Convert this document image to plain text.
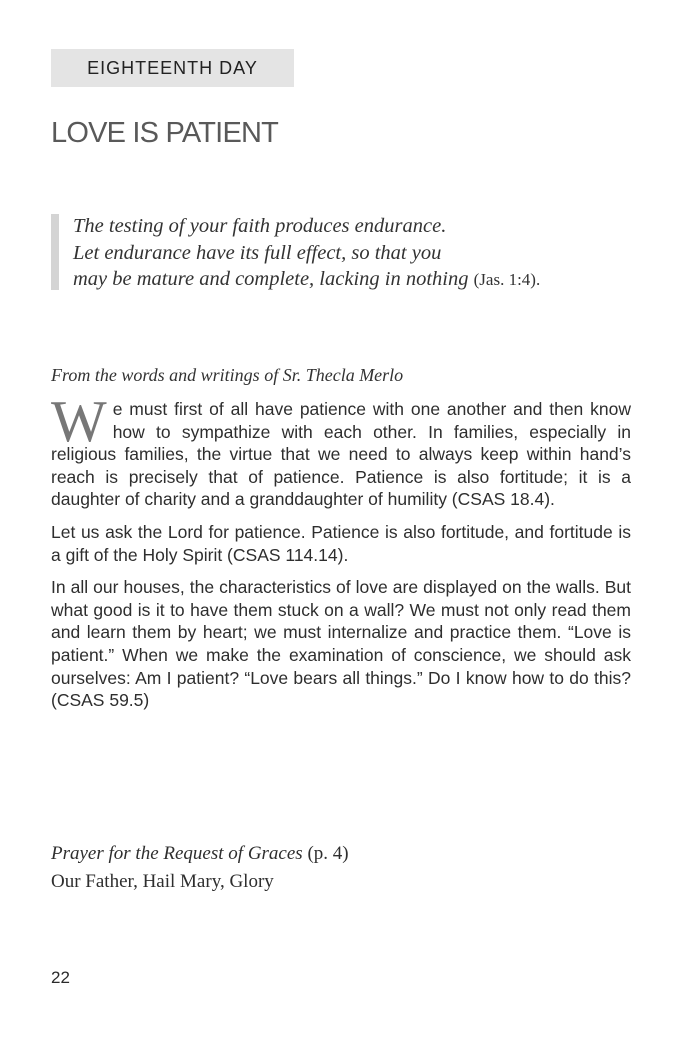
EIGHTEENTH DAY
LOVE IS PATIENT
The testing of your faith produces endurance.
Let endurance have its full effect, so that you
may be mature and complete, lacking in nothing (Jas. 1:4).
From the words and writings of Sr. Thecla Merlo

We must first of all have patience with one another and then know how to sympathize with each other. In families, especially in religious families, the virtue that we need to always keep within hand’s reach is precisely that of patience. Patience is also fortitude; it is a daughter of charity and a granddaughter of humility (CSAS 18.4).

Let us ask the Lord for patience. Patience is also fortitude, and fortitude is a gift of the Holy Spirit (CSAS 114.14).

In all our houses, the characteristics of love are displayed on the walls. But what good is it to have them stuck on a wall? We must not only read them and learn them by heart; we must internalize and practice them. “Love is patient.” When we make the examination of conscience, we should ask ourselves: Am I patient? “Love bears all things.” Do I know how to do this? (CSAS 59.5)

Prayer for the Request of Graces (p. 4)
Our Father, Hail Mary, Glory
22
